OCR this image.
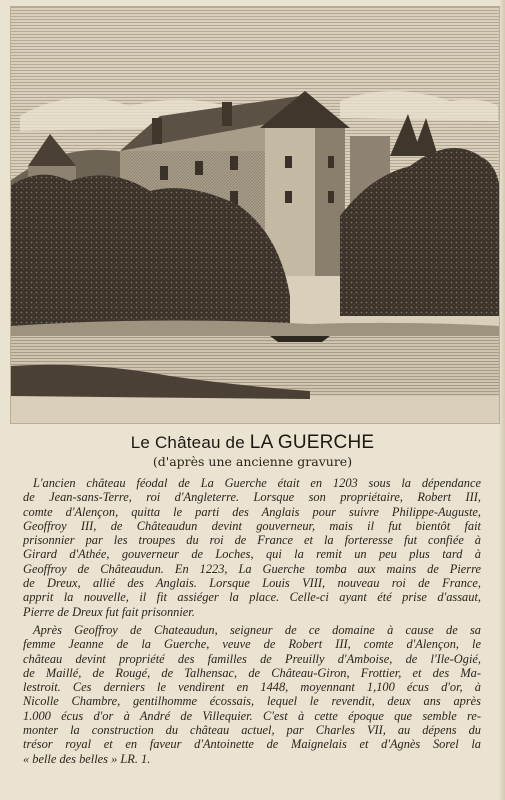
Le Château de LA GUERCHE
(d'après une ancienne gravure)
L'ancien château féodal de La Guerche était en 1203 sous la dépendance
de Jean-sans-Terre, roi d'Angleterre. Lorsque son propriétaire, Robert III,
comte d'Alençon, quitta le parti des Anglais pour suivre Philippe-Auguste,
Geoffroy III, de Châteaudun devint gouverneur, mais il fut bientôt fait
prisonnier par les troupes du roi de France et la forteresse fut confiée à
Girard d'Athée, gouverneur de Loches, qui la remit un peu plus tard à
Geoffroy de Châteaudun. En 1223, La Guerche tomba aux mains de Pierre
de Dreux, allié des Anglais. Lorsque Louis VIII, nouveau roi de France,
apprit la nouvelle, il fit assiéger la place. Celle-ci ayant été prise d'assaut,
Pierre de Dreux fut fait prisonnier.
Après Geoffroy de Chateaudun, seigneur de ce domaine à cause de sa
femme Jeanne de la Guerche, veuve de Robert III, comte d'Alençon, le
château devint propriété des familles de Preuilly d'Amboise, de l'Ile-Ogié,
de Maillé, de Rougé, de Talhensac, de Château-Giron, Frottier, et des Ma-
lestroit. Ces derniers le vendirent en 1448, moyennant 1,100 écus d'or, à
Nicolle Chambre, gentilhomme écossais, lequel le revendit, deux ans après
1.000 écus d'or à André de Villequier. C'est à cette époque que semble re-
monter la construction du château actuel, par Charles VII, au dépens du
trésor royal et en faveur d'Antoinette de Maignelais et d'Agnès Sorel la
« belle des belles » LR. 1.
